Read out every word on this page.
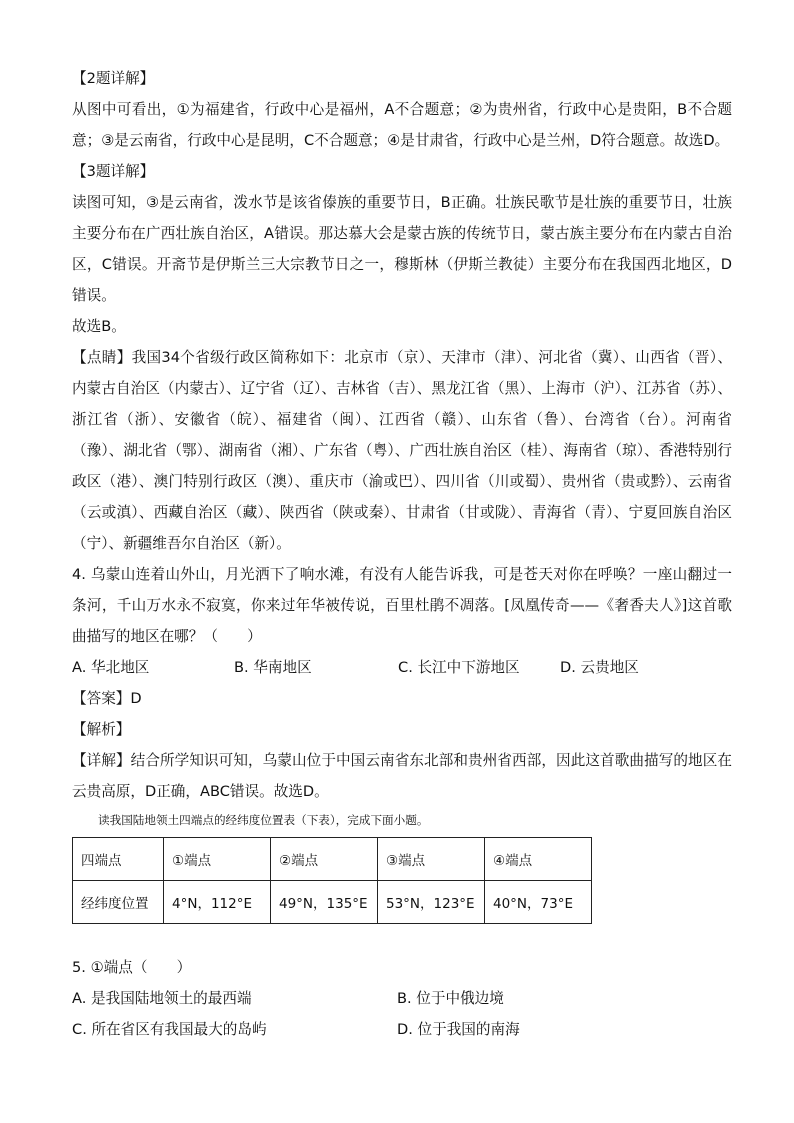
【2题详解】

从图中可看出，①为福建省，行政中心是福州，A不合题意；②为贵州省，行政中心是贵阳，B不合题意；③是云南省，行政中心是昆明，C不合题意；④是甘肃省，行政中心是兰州，D符合题意。故选D。

【3题详解】

读图可知，③是云南省，泼水节是该省傣族的重要节日，B正确。壮族民歌节是壮族的重要节日，壮族主要分布在广西壮族自治区，A错误。那达慕大会是蒙古族的传统节日，蒙古族主要分布在内蒙古自治区，C错误。开斋节是伊斯兰三大宗教节日之一，穆斯林（伊斯兰教徒）主要分布在我国西北地区，D错误。

故选B。

【点睛】我国34个省级行政区简称如下：北京市（京）、天津市（津）、河北省（冀）、山西省（晋）、内蒙古自治区（内蒙古）、辽宁省（辽）、吉林省（吉）、黑龙江省（黑）、上海市（沪）、江苏省（苏）、浙江省（浙）、安徽省（皖）、福建省（闽）、江西省（赣）、山东省（鲁）、台湾省（台）。河南省（豫）、湖北省（鄂）、湖南省（湘）、广东省（粤）、广西壮族自治区（桂）、海南省（琼）、香港特别行政区（港）、澳门特别行政区（澳）、重庆市（渝或巴）、四川省（川或蜀）、贵州省（贵或黔）、云南省（云或滇）、西藏自治区（藏）、陕西省（陕或秦）、甘肃省（甘或陇）、青海省（青）、宁夏回族自治区（宁）、新疆维吾尔自治区（新）。

4. 乌蒙山连着山外山，月光洒下了响水滩，有没有人能告诉我，可是苍天对你在呼唤？一座山翻过一条河，千山万水永不寂寞，你来过年华被传说，百里杜鹃不凋落。[凤凰传奇——《奢香夫人》]这首歌曲描写的地区在哪？（　　）

A. 华北地区	B. 华南地区	C. 长江中下游地区	D. 云贵地区

【答案】D

【解析】

【详解】结合所学知识可知，乌蒙山位于中国云南省东北部和贵州省西部，因此这首歌曲描写的地区在云贵高原，D正确，ABC错误。故选D。

读我国陆地领土四端点的经纬度位置表（下表），完成下面小题。
四端点	①端点	②端点	③端点	④端点
经纬度位置	4°N，112°E	49°N，135°E	53°N，123°E	40°N，73°E

5. ①端点（　　）

A. 是我国陆地领土的最西端	B. 位于中俄边境
C. 所在省区有我国最大的岛屿	D. 位于我国的南海
